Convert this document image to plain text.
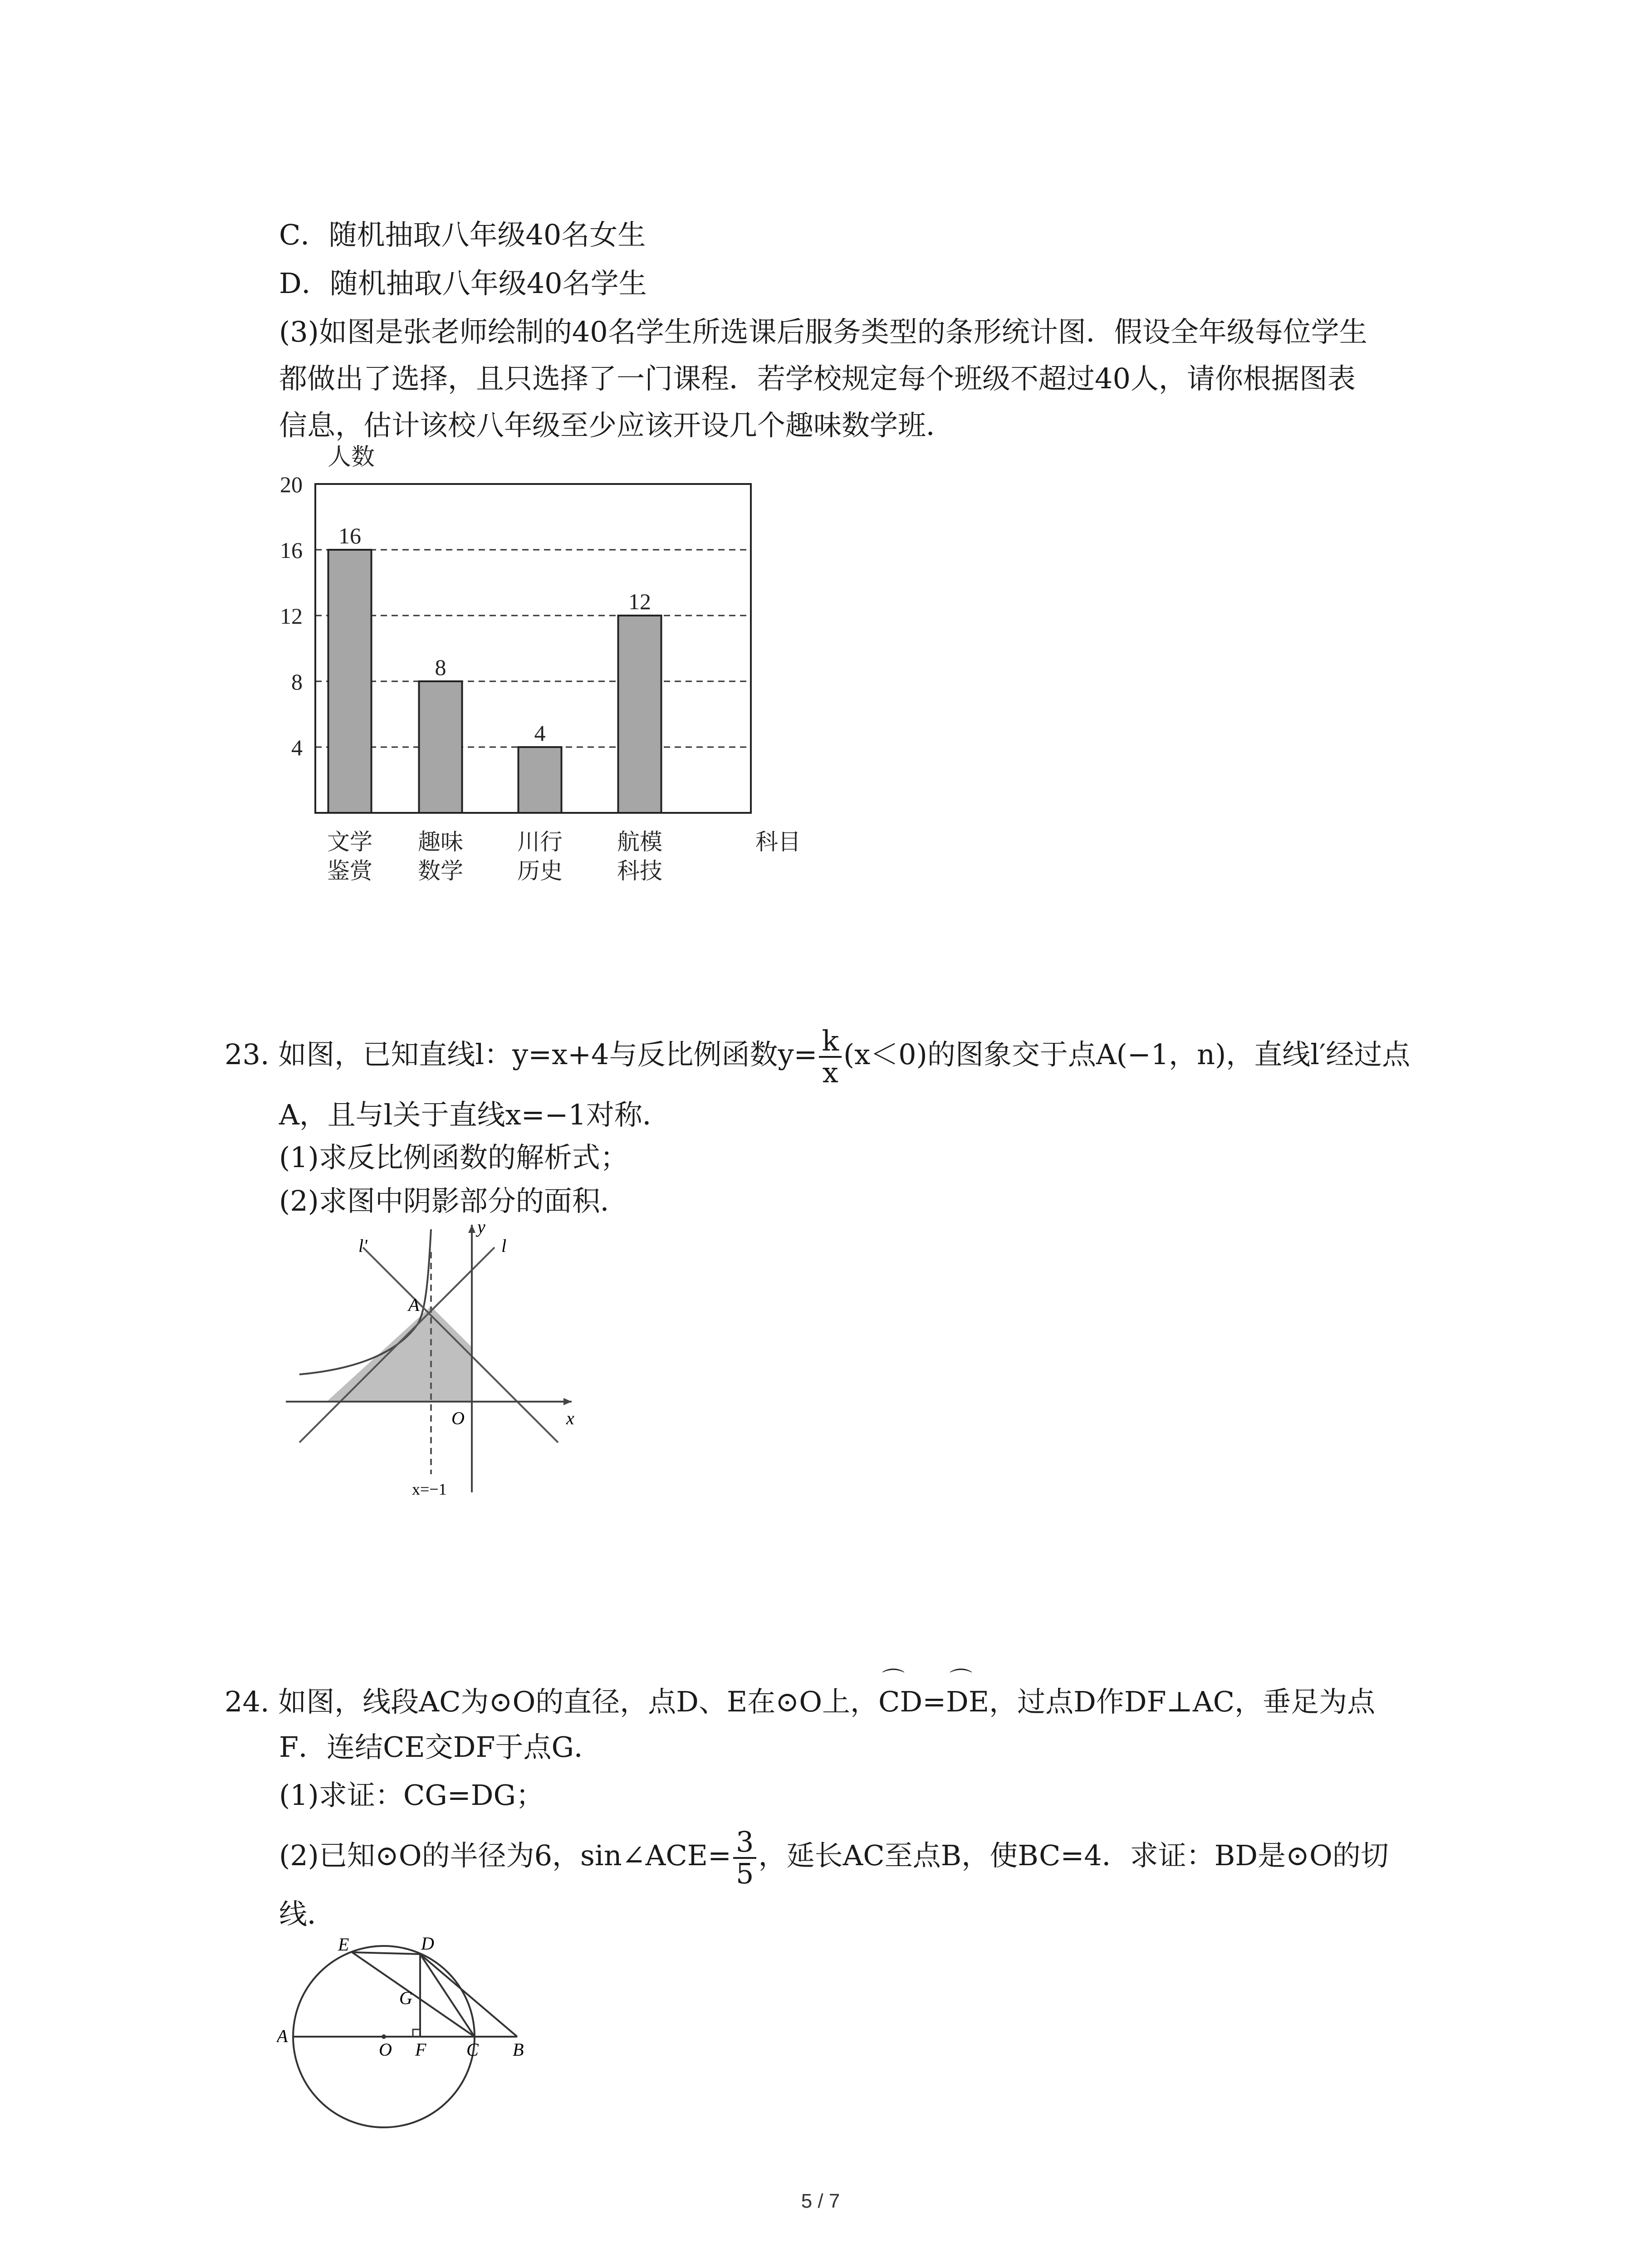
C．随机抽取八年级40名女生
D．随机抽取八年级40名学生
(3)如图是张老师绘制的40名学生所选课后服务类型的条形统计图．假设全年级每位学生
都做出了选择，且只选择了一门课程．若学校规定每个班级不超过40人，请你根据图表
信息，估计该校八年级至少应该开设几个趣味数学班．
人数
科目
4
8
12
16
20
文学
鉴赏
趣味
数学
川行
历史
航模
科技
16
8
4
12
23. 如图，已知直线l：y=x+4与反比例函数$y= \frac{k}{x} (x<0)$的图象交于点A(−1，n)，直线l′经过点
A，且与l关于直线x=−1对称．
(1)求反比例函数的解析式；
(2)求图中阴影部分的面积．
l'	l
y
x
A
O
x=−1
24. 如图，线段AC为⊙O的直径，点D、E在⊙O上，⌒ CD=⌒ DE，过点D作DF⊥AC，垂足为点
F．连结CE交DF于点G．
(1)求证：CG=DG；
(2)已知⊙O的半径为6，sin∠ACE= $\frac{3}{5}$ ，延长AC至点B，使BC=4．求证：BD是⊙O的切
线．
E	D
G
A
O F C B
5 / 7
